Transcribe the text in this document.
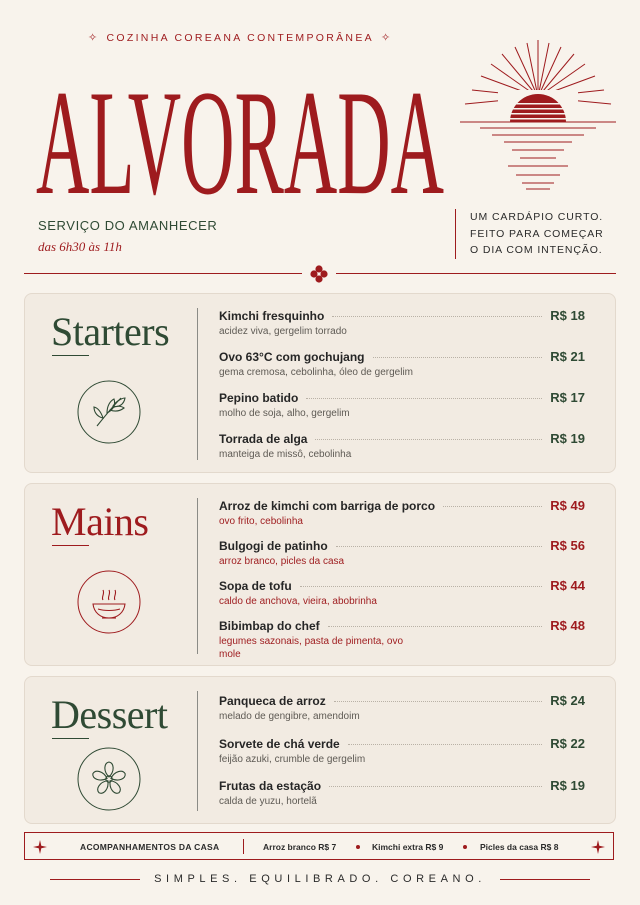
✧ COZINHA COREANA CONTEMPORÂNEA ✧
ALVORADA
SERVIÇO DO AMANHECER
das 6h30 às 11h
UM CARDÁPIO CURTO.
FEITO PARA COMEÇAR
O DIA COM INTENÇÃO.
Starters	Kimchi fresquinho	R$ 18
acidez viva, gergelim torrado
Ovo 63°C com gochujang	R$ 21
gema cremosa, cebolinha, óleo de gergelim
Pepino batido	R$ 17
molho de soja, alho, gergelim
Torrada de alga	R$ 19
manteiga de missô, cebolinha
Mains	Arroz de kimchi com barriga de porco	R$ 49
ovo frito, cebolinha
Bulgogi de patinho	R$ 56
arroz branco, picles da casa
Sopa de tofu	R$ 44
caldo de anchova, vieira, abobrinha
Bibimbap do chef	R$ 48
legumes sazonais, pasta de pimenta, ovo mole
Dessert	Panqueca de arroz	R$ 24
melado de gengibre, amendoim
Sorvete de chá verde	R$ 22
feijão azuki, crumble de gergelim
Frutas da estação	R$ 19
calda de yuzu, hortelã
ACOMPANHAMENTOS DA CASA	Arroz branco R$ 7	Kimchi extra R$ 9	Picles da casa R$ 8
SIMPLES. EQUILIBRADO. COREANO.
